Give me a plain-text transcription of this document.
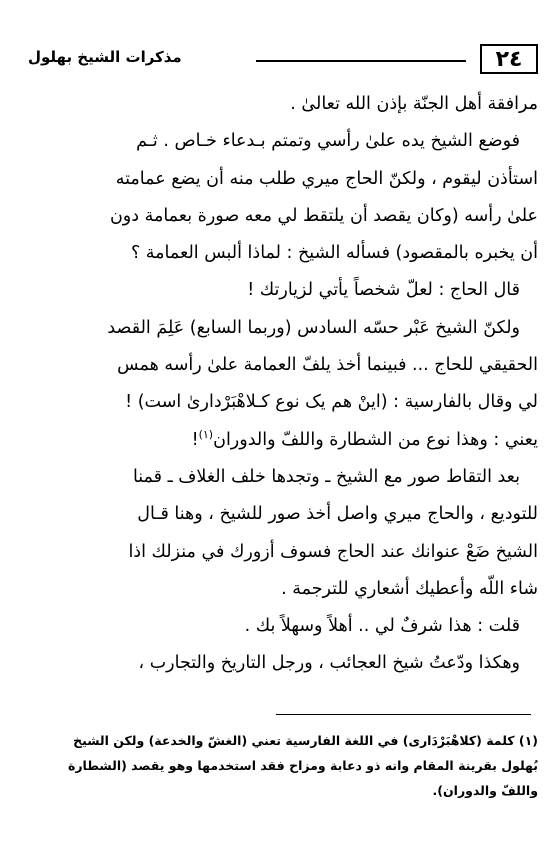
٢٤
مذكرات الشيخ بهلول
مرافقة أهل الجنّة بإذن الله تعالىٰ .
فوضع الشيخ يده علىٰ رأسي وتمتم بـدعاء خـاص . ثـم
استأذن ليقوم ، ولكنّ الحاج ميري طلب منه أن يضع عمامته
علىٰ رأسه (وكان يقصد أن يلتقط لي معه صورة بعمامة دون
أن يخبره بالمقصود) فسأله الشيخ : لماذا ألبس العمامة ؟
قال الحاج : لعلّ شخصاً يأتي لزيارتك !
ولكنّ الشيخ عَبْر حسّه السادس (وربما السابع) عَلِمَ القصد
الحقيقي للحاج ... فبينما أخذ يلفّ العمامة علىٰ رأسه همس
لي وقال بالفارسية : (اينْ هم يک نوع كـلاهْبَرْدارىٰ است) !
يعني : وهذا نوع من الشطارة واللفّ والدوران$^{(١)}$!
بعد التقاط صور مع الشيخ ـ وتجدها خلف الغلاف ـ قمنا
للتوديع ، والحاج ميري واصل أخذ صور للشيخ ، وهنا قـال
الشيخ ضَعْ عنوانك عند الحاج فسوف أزورك في منزلك اذا
شاء اللّه وأعطيك أشعاري للترجمة .
قلت : هذا شرفٌ لي .. أهلاً وسهلاً بك .
وهكذا ودّعتُ شيخ العجائب ، ورجل التاريخ والتجارب ،
(١) كلمة (كلاهْبَرْدَارى) في اللغة الفارسية تعني (الغشّ والخدعة) ولكن الشيخ
بُهلول بقرينة المقام وانه ذو دعابة ومزاح فقد استخدمها وهو يقصد (الشطارة
واللفّ والدوران).
